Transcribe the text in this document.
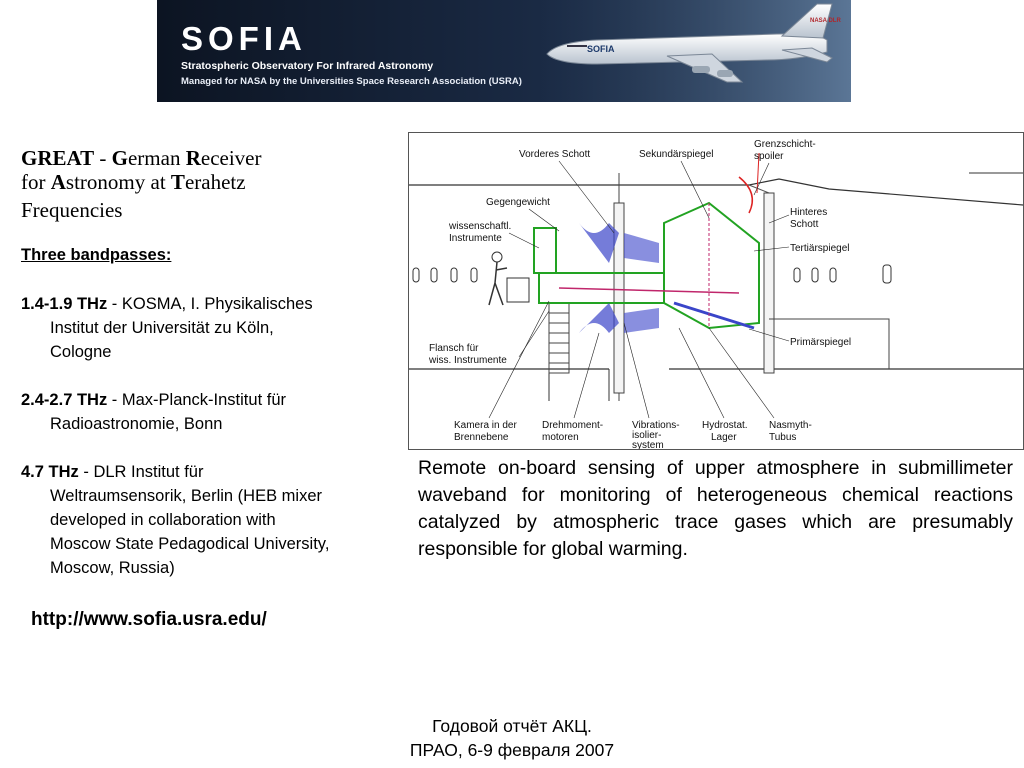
SOFIA
Stratospheric Observatory For Infrared Astronomy
Managed for NASA by the Universities Space Research Association (USRA)
SOFIA
NASA DLR
GREAT - German Receiver
for Astronomy at Terahetz
Frequencies
Three bandpasses:
1.4-1.9 THz - KOSMA, I. Physikalisches
Institut der Universität zu Köln,
Cologne
2.4-2.7 THz - Max-Planck-Institut für
Radioastronomie, Bonn
4.7 THz - DLR Institut für
Weltraumsensorik, Berlin (HEB mixer
developed in collaboration with
Moscow State Pedagodical University,
Moscow, Russia)
http://www.sofia.usra.edu/
Vorderes Schott	Sekundärspiegel
Grenzschicht-
spoiler
Gegengewicht
wissenschaftl.
Instrumente
Hinteres
Schott
Tertiärspiegel
Primärspiegel
Flansch für
wiss. Instrumente
Kamera in der
Brennebene
Drehmoment-
motoren
Vibrations-
isolier-
system
Hydrostat.
Lager
Nasmyth-
Tubus
Remote on-board sensing of upper atmosphere in submillimeter waveband for monitoring of heterogeneous chemical reactions catalyzed by atmospheric trace gases which are presumably responsible for global warming.
Годовой отчёт АКЦ.
ПРАО, 6-9 февраля 2007
